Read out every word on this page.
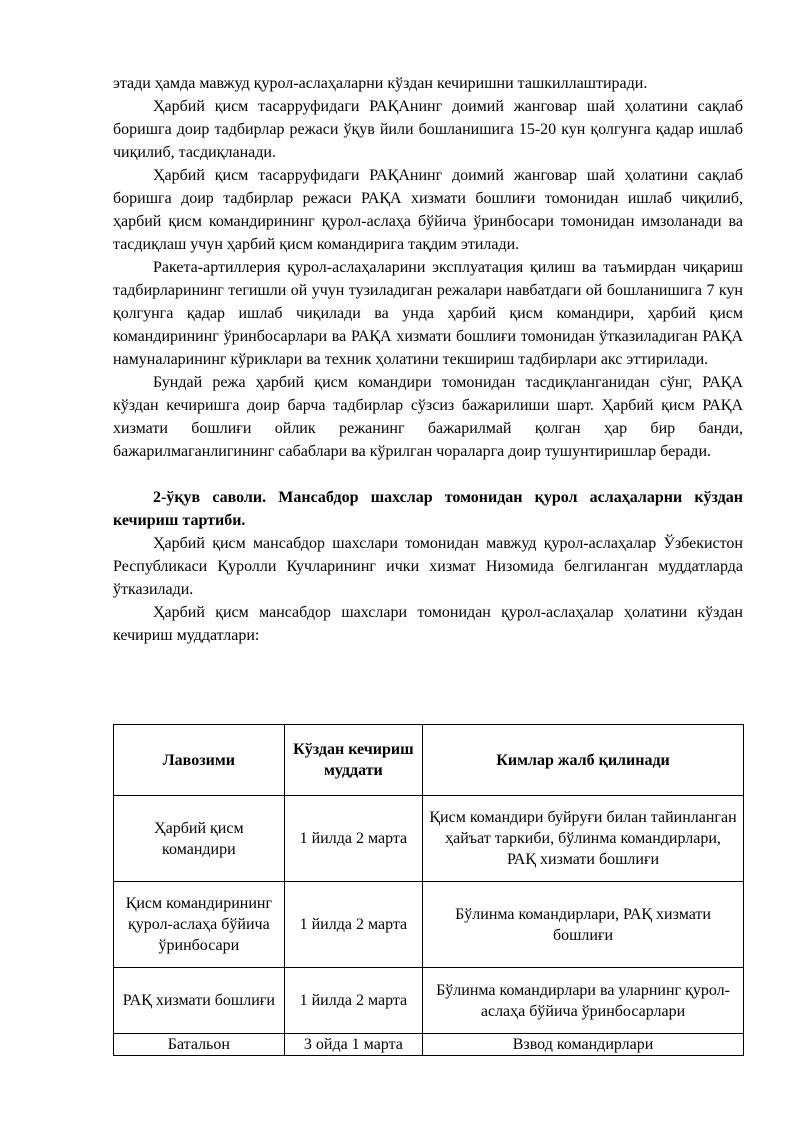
этади ҳамда мавжуд қурол-аслаҳаларни кўздан кечиришни ташкиллаштиради.

Ҳарбий қисм тасарруфидаги РАҚАнинг доимий жанговар шай ҳолатини сақлаб боришга доир тадбирлар режаси ўқув йили бошланишига 15-20 кун қолгунга қадар ишлаб чиқилиб, тасдиқланади.

Ҳарбий қисм тасарруфидаги РАҚАнинг доимий жанговар шай ҳолатини сақлаб боришга доир тадбирлар режаси РАҚА хизмати бошлиғи томонидан ишлаб чиқилиб, ҳарбий қисм командирининг қурол-аслаҳа бўйича ўринбосари томонидан имзоланади ва тасдиқлаш учун ҳарбий қисм командирига тақдим этилади.

Ракета-артиллерия қурол-аслаҳаларини эксплуатация қилиш ва таъмирдан чиқариш тадбирларининг тегишли ой учун тузиладиган режалари навбатдаги ой бошланишига 7 кун қолгунга қадар ишлаб чиқилади ва унда ҳарбий қисм командири, ҳарбий қисм командирининг ўринбосарлари ва РАҚА хизмати бошлиғи томонидан ўтказиладиган РАҚА намуналарининг кўриклари ва техник ҳолатини текшириш тадбирлари акс эттирилади.

Бундай режа ҳарбий қисм командири томонидан тасдиқланганидан сўнг, РАҚА кўздан кечиришга доир барча тадбирлар сўзсиз бажарилиши шарт. Ҳарбий қисм РАҚА хизмати бошлиғи ойлик режанинг бажарилмай қолган ҳар бир банди, бажарилмаганлигининг сабаблари ва кўрилган чораларга доир тушунтиришлар беради.

2-ўқув саволи. Мансабдор шахслар томонидан қурол аслаҳаларни кўздан кечириш тартиби.

Ҳарбий қисм мансабдор шахслари томонидан мавжуд қурол-аслаҳалар Ўзбекистон Республикаси Қуролли Кучларининг ички хизмат Низомида белгиланган муддатларда ўтказилади.

Ҳарбий қисм мансабдор шахслари томонидан қурол-аслаҳалар ҳолатини кўздан кечириш муддатлари:

Лавозими	Кўздан кечириш муддати	Кимлар жалб қилинади
Ҳарбий қисм командири	1 йилда 2 марта	Қисм командири буйруғи билан тайинланган ҳайъат таркиби, бўлинма командирлари, РАҚ хизмати бошлиғи
Қисм командирининг қурол-аслаҳа бўйича ўринбосари	1 йилда 2 марта	Бўлинма командирлари, РАҚ хизмати бошлиғи
РАҚ хизмати бошлиғи	1 йилда 2 марта	Бўлинма командирлари ва уларнинг қурол-аслаҳа бўйича ўринбосарлари
Батальон	3 ойда 1 марта	Взвод командирлари
